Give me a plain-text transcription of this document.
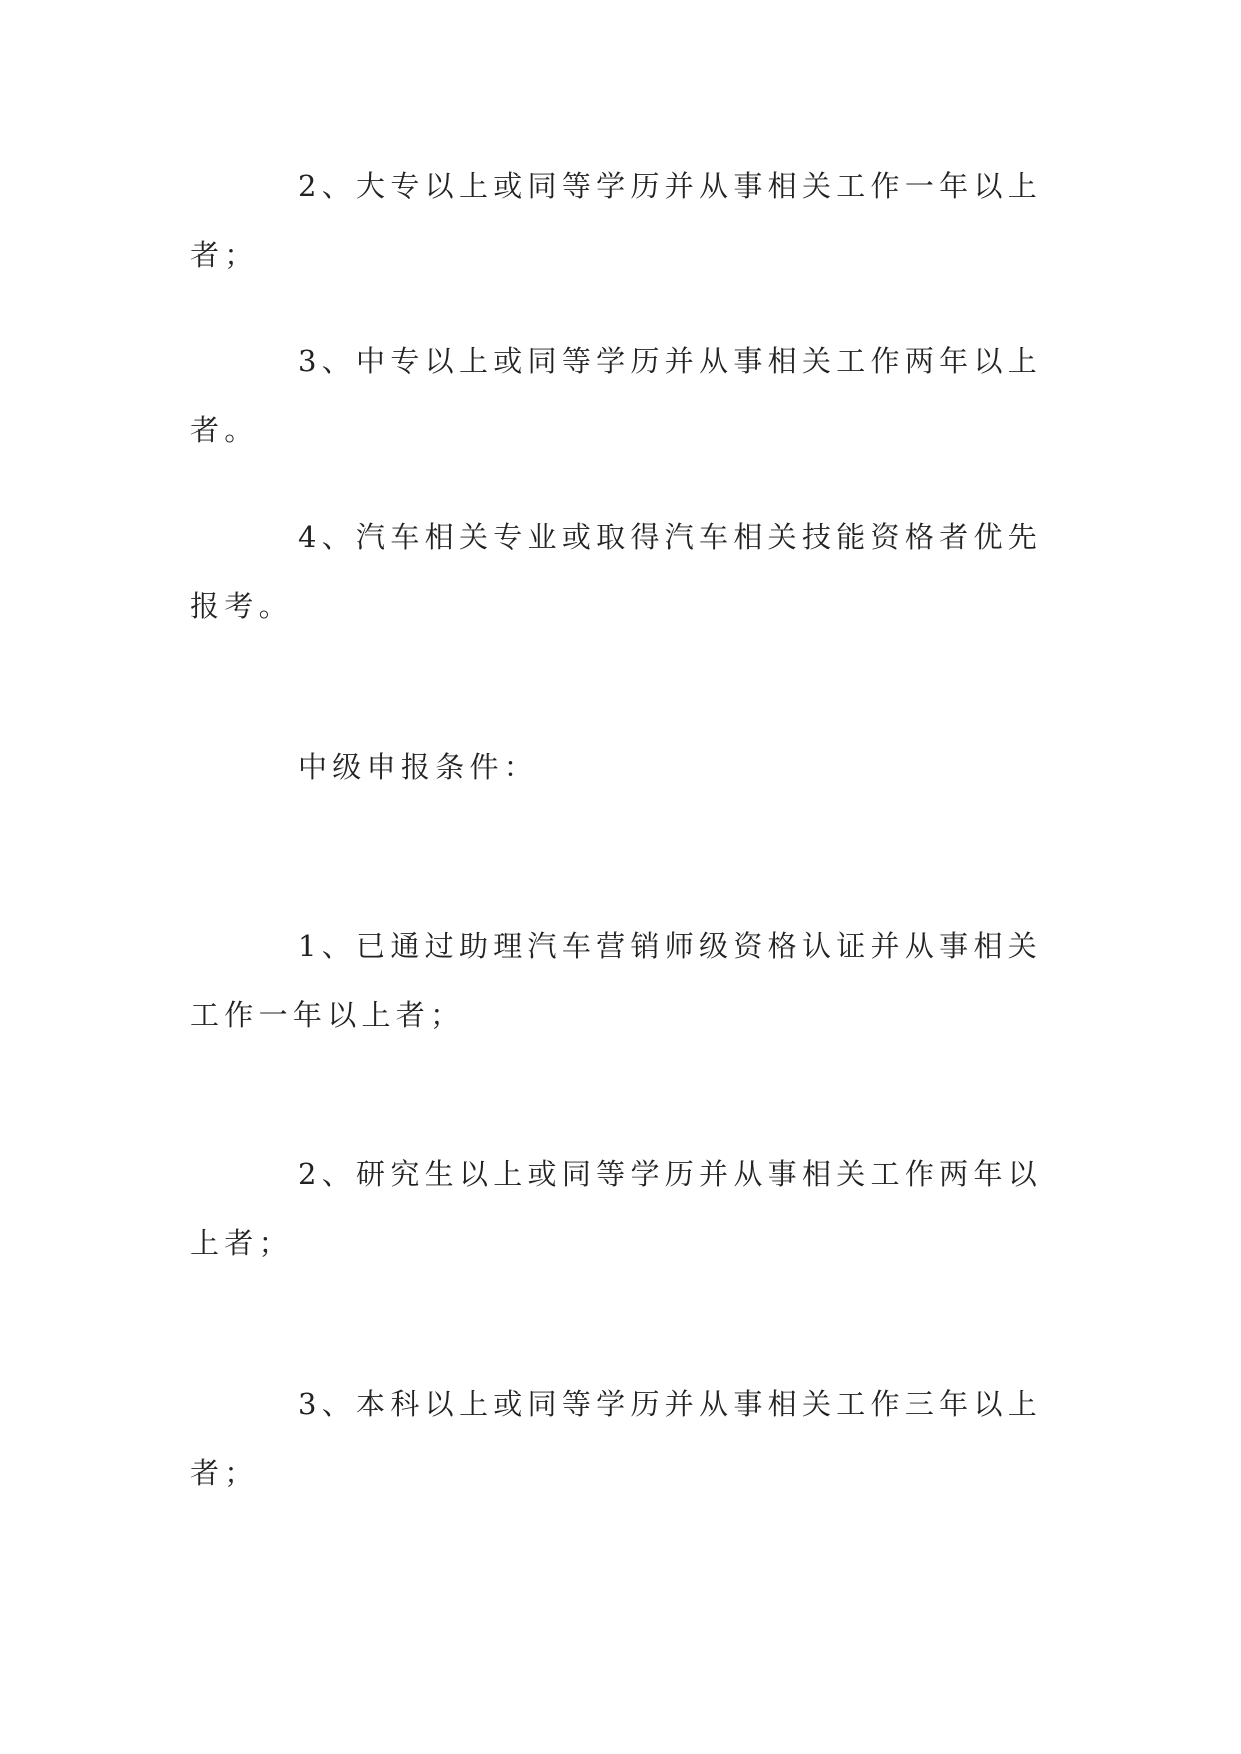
2、大专以上或同等学历并从事相关工作一年以上者；

3、中专以上或同等学历并从事相关工作两年以上者。

4、汽车相关专业或取得汽车相关技能资格者优先报考。

中级申报条件：

1、已通过助理汽车营销师级资格认证并从事相关工作一年以上者；

2、研究生以上或同等学历并从事相关工作两年以上者；

3、本科以上或同等学历并从事相关工作三年以上者；
